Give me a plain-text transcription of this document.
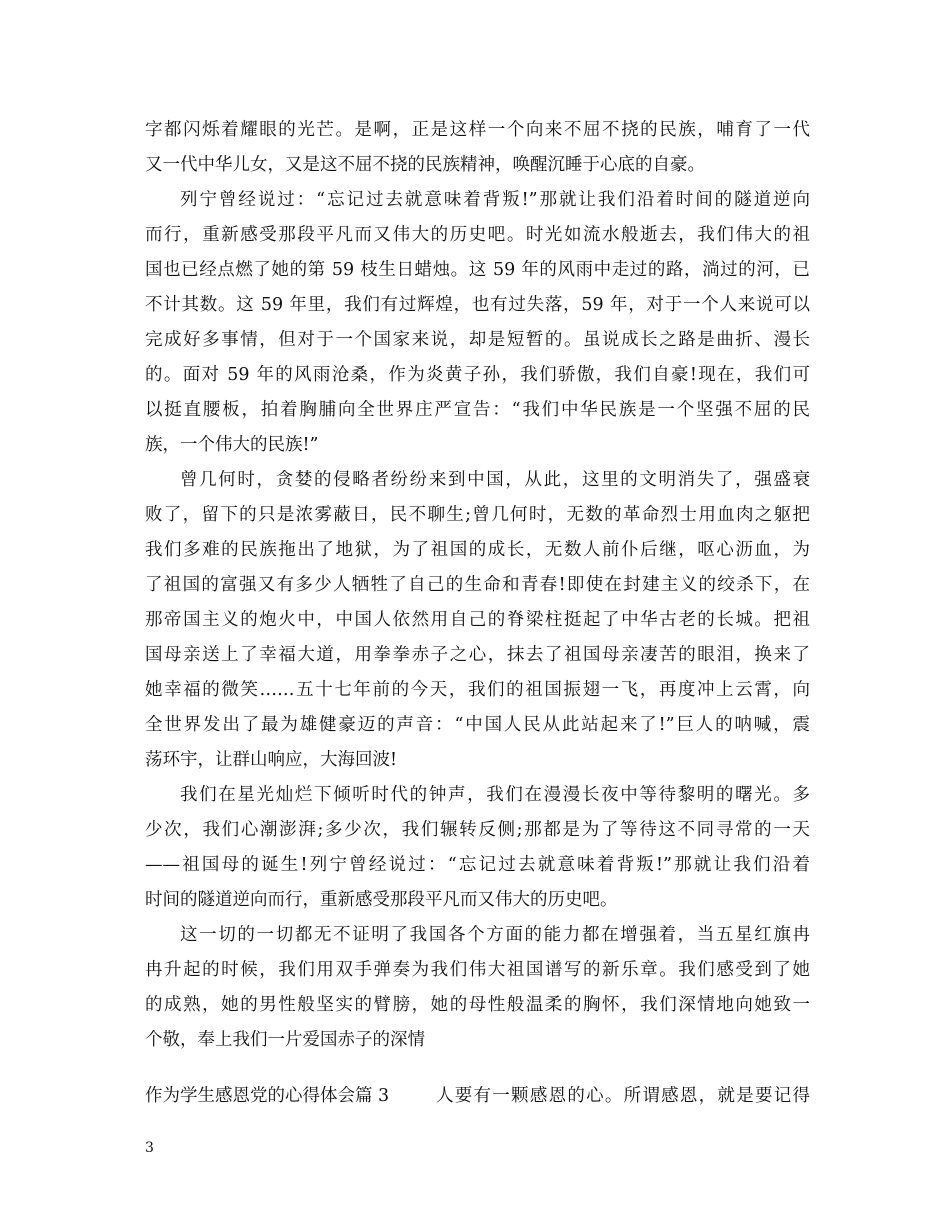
字都闪烁着耀眼的光芒。是啊，正是这样一个向来不屈不挠的民族，哺育了一代
又一代中华儿女，又是这不屈不挠的民族精神，唤醒沉睡于心底的自豪。
列宁曾经说过：“忘记过去就意味着背叛!”那就让我们沿着时间的隧道逆向
而行，重新感受那段平凡而又伟大的历史吧。时光如流水般逝去，我们伟大的祖
国也已经点燃了她的第 59 枝生日蜡烛。这 59 年的风雨中走过的路，淌过的河，已
不计其数。这 59 年里，我们有过辉煌，也有过失落，59 年，对于一个人来说可以
完成好多事情，但对于一个国家来说，却是短暂的。虽说成长之路是曲折、漫长
的。面对 59 年的风雨沧桑，作为炎黄子孙，我们骄傲，我们自豪!现在，我们可
以挺直腰板，拍着胸脯向全世界庄严宣告：“我们中华民族是一个坚强不屈的民
族，一个伟大的民族!”
曾几何时，贪婪的侵略者纷纷来到中国，从此，这里的文明消失了，强盛衰
败了，留下的只是浓雾蔽日，民不聊生;曾几何时，无数的革命烈士用血肉之躯把
我们多难的民族拖出了地狱，为了祖国的成长，无数人前仆后继，呕心沥血，为
了祖国的富强又有多少人牺牲了自己的生命和青春!即使在封建主义的绞杀下，在
那帝国主义的炮火中，中国人依然用自己的脊梁柱挺起了中华古老的长城。把祖
国母亲送上了幸福大道，用拳拳赤子之心，抹去了祖国母亲凄苦的眼泪，换来了
她幸福的微笑……五十七年前的今天，我们的祖国振翅一飞，再度冲上云霄，向
全世界发出了最为雄健豪迈的声音：“中国人民从此站起来了!”巨人的呐喊，震
荡环宇，让群山响应，大海回波!
我们在星光灿烂下倾听时代的钟声，我们在漫漫长夜中等待黎明的曙光。多
少次，我们心潮澎湃;多少次，我们辗转反侧;那都是为了等待这不同寻常的一天
——祖国母的诞生!列宁曾经说过：“忘记过去就意味着背叛!”那就让我们沿着
时间的隧道逆向而行，重新感受那段平凡而又伟大的历史吧。
这一切的一切都无不证明了我国各个方面的能力都在增强着，当五星红旗冉
冉升起的时候，我们用双手弹奏为我们伟大祖国谱写的新乐章。我们感受到了她
的成熟，她的男性般坚实的臂膀，她的母性般温柔的胸怀，我们深情地向她致一
个敬，奉上我们一片爱国赤子的深情
作为学生感恩党的心得体会篇 3	人要有一颗感恩的心。所谓感恩，就是要记得
3
